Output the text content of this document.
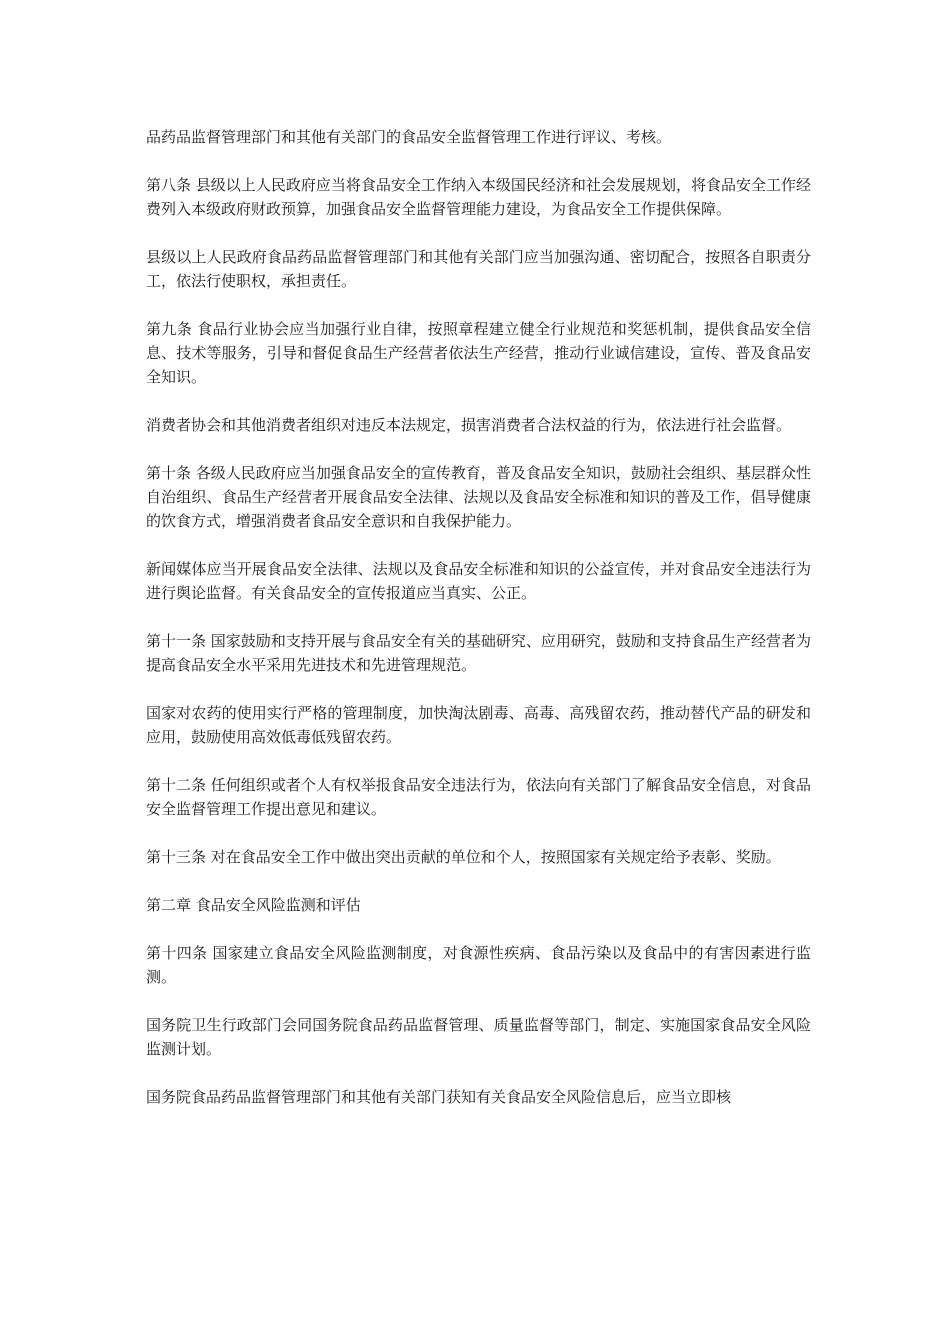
品药品监督管理部门和其他有关部门的食品安全监督管理工作进行评议、考核。

第八条 县级以上人民政府应当将食品安全工作纳入本级国民经济和社会发展规划，将食品安全工作经费列入本级政府财政预算，加强食品安全监督管理能力建设，为食品安全工作提供保障。

县级以上人民政府食品药品监督管理部门和其他有关部门应当加强沟通、密切配合，按照各自职责分工，依法行使职权，承担责任。

第九条 食品行业协会应当加强行业自律，按照章程建立健全行业规范和奖惩机制，提供食品安全信息、技术等服务，引导和督促食品生产经营者依法生产经营，推动行业诚信建设，宣传、普及食品安全知识。

消费者协会和其他消费者组织对违反本法规定，损害消费者合法权益的行为，依法进行社会监督。

第十条 各级人民政府应当加强食品安全的宣传教育，普及食品安全知识，鼓励社会组织、基层群众性自治组织、食品生产经营者开展食品安全法律、法规以及食品安全标准和知识的普及工作，倡导健康的饮食方式，增强消费者食品安全意识和自我保护能力。

新闻媒体应当开展食品安全法律、法规以及食品安全标准和知识的公益宣传，并对食品安全违法行为进行舆论监督。有关食品安全的宣传报道应当真实、公正。

第十一条 国家鼓励和支持开展与食品安全有关的基础研究、应用研究，鼓励和支持食品生产经营者为提高食品安全水平采用先进技术和先进管理规范。

国家对农药的使用实行严格的管理制度，加快淘汰剧毒、高毒、高残留农药，推动替代产品的研发和应用，鼓励使用高效低毒低残留农药。

第十二条 任何组织或者个人有权举报食品安全违法行为，依法向有关部门了解食品安全信息，对食品安全监督管理工作提出意见和建议。

第十三条 对在食品安全工作中做出突出贡献的单位和个人，按照国家有关规定给予表彰、奖励。

第二章 食品安全风险监测和评估

第十四条 国家建立食品安全风险监测制度，对食源性疾病、食品污染以及食品中的有害因素进行监测。

国务院卫生行政部门会同国务院食品药品监督管理、质量监督等部门，制定、实施国家食品安全风险监测计划。

国务院食品药品监督管理部门和其他有关部门获知有关食品安全风险信息后，应当立即核
